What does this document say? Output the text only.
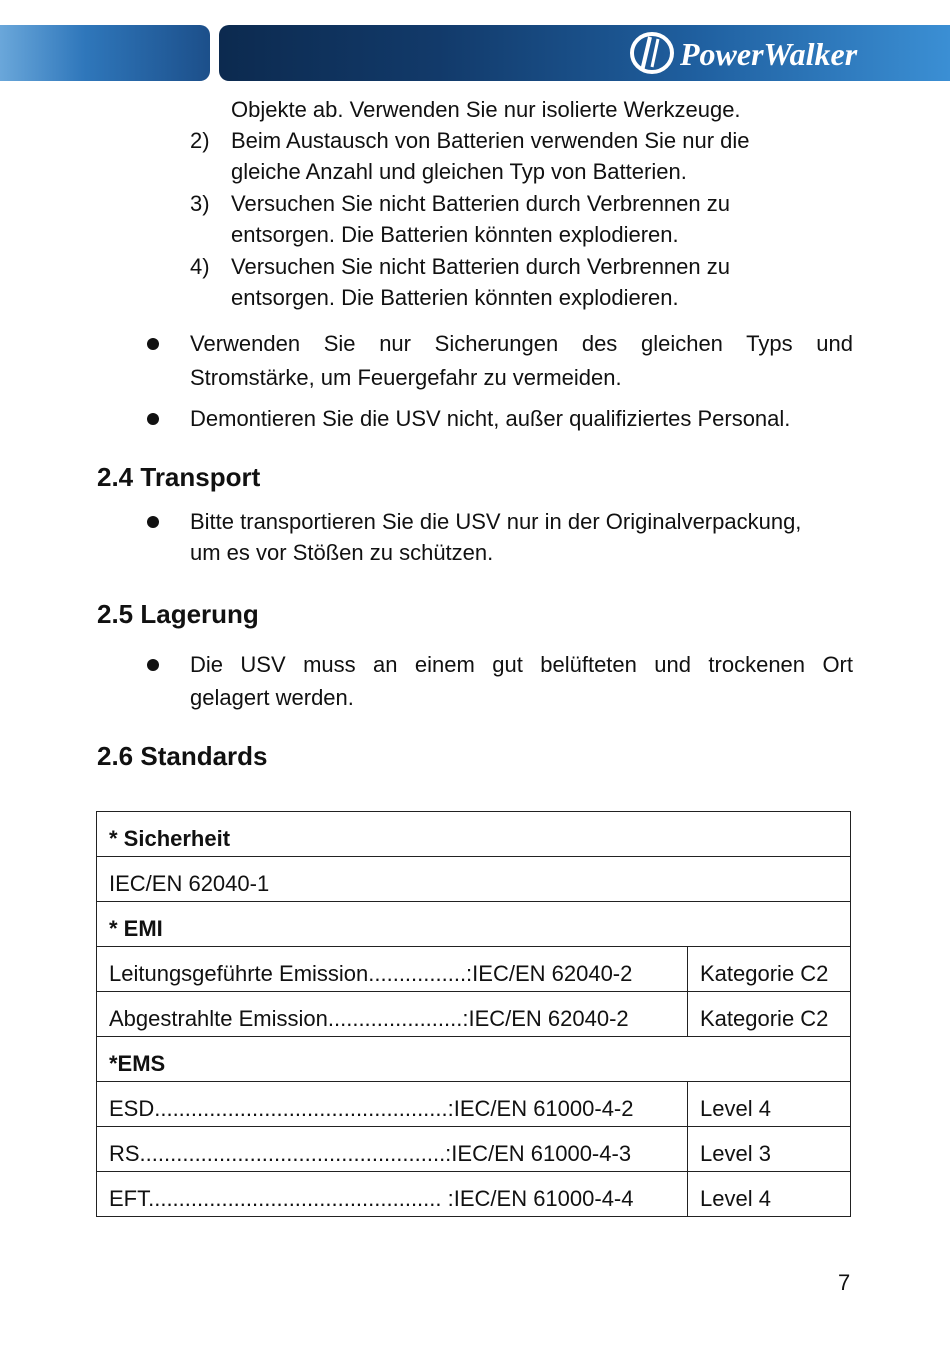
PowerWalker
Objekte ab. Verwenden Sie nur isolierte Werkzeuge.
2) Beim Austausch von Batterien verwenden Sie nur die
gleiche Anzahl und gleichen Typ von Batterien.
3) Versuchen Sie nicht Batterien durch Verbrennen zu
entsorgen. Die Batterien könnten explodieren.
4) Versuchen Sie nicht Batterien durch Verbrennen zu
entsorgen. Die Batterien könnten explodieren.
Verwenden Sie nur Sicherungen des gleichen Typs und
Stromstärke, um Feuergefahr zu vermeiden.
Demontieren Sie die USV nicht, außer qualifiziertes Personal.
2.4 Transport
Bitte transportieren Sie die USV nur in der Originalverpackung,
um es vor Stößen zu schützen.
2.5 Lagerung
Die USV muss an einem gut belüfteten und trockenen Ort
gelagert werden.
2.6 Standards
* Sicherheit	
IEC/EN 62040-1	
* EMI	
Leitungsgeführte Emission................:IEC/EN 62040-2	Kategorie C2
Abgestrahlte Emission......................:IEC/EN 62040-2	Kategorie C2
*EMS	
ESD................................................:IEC/EN 61000-4-2	Level 4
RS..................................................:IEC/EN 61000-4-3	Level 3
EFT................................................ :IEC/EN 61000-4-4	Level 4
7
